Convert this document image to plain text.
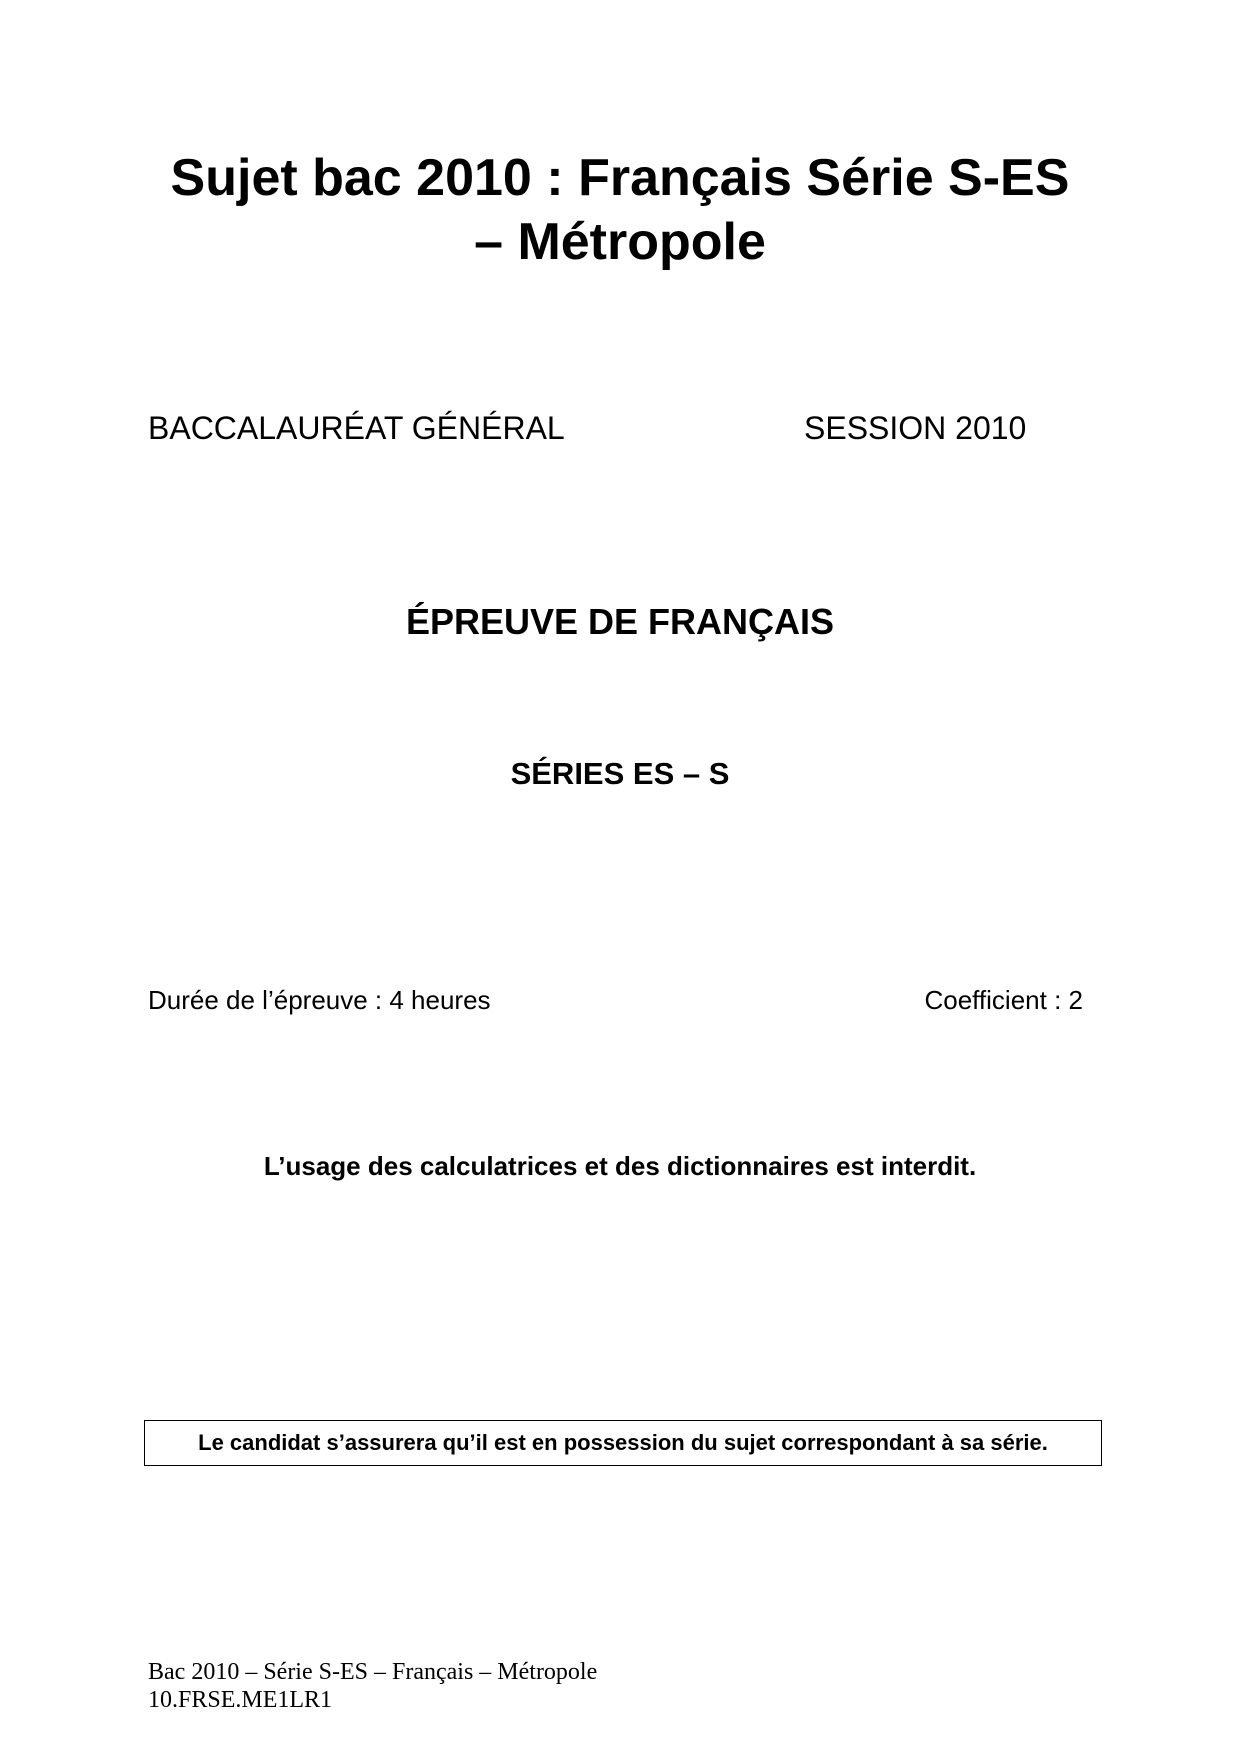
Sujet bac 2010 : Français Série S-ES
– Métropole
BACCALAURÉAT GÉNÉRAL	SESSION 2010
ÉPREUVE DE FRANÇAIS
SÉRIES ES – S
Durée de l’épreuve : 4 heures	Coefficient : 2
L’usage des calculatrices et des dictionnaires est interdit.
Le candidat s’assurera qu’il est en possession du sujet correspondant à sa série.
Bac 2010 – Série S-ES – Français – Métropole
10.FRSE.ME1LR1
